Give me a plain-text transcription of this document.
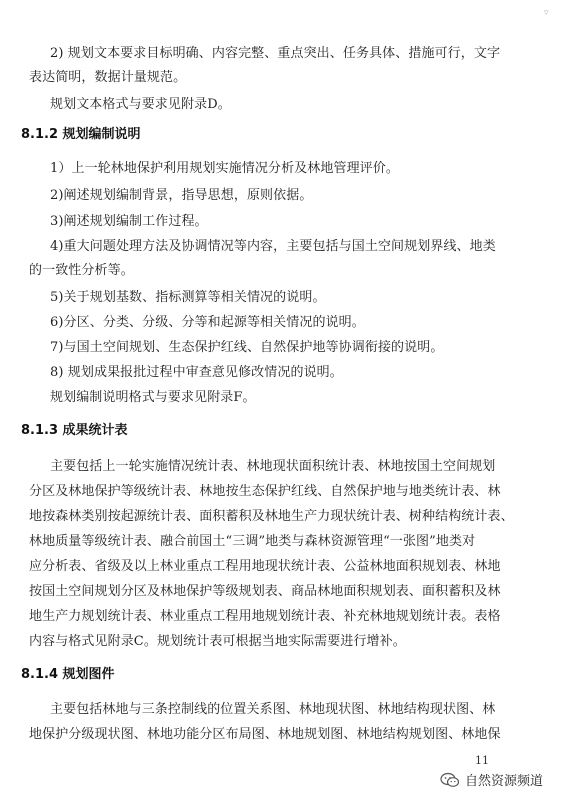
▿
2) 规划文本要求目标明确、内容完整、重点突出、任务具体、措施可行，文字
表达简明，数据计量规范。
规划文本格式与要求见附录D。
8.1.2 规划编制说明
1）上一轮林地保护利用规划实施情况分析及林地管理评价。
2)阐述规划编制背景，指导思想，原则依据。
3)阐述规划编制工作过程。
4)重大问题处理方法及协调情况等内容，主要包括与国土空间规划界线、地类
的一致性分析等。
5)关于规划基数、指标测算等相关情况的说明。
6)分区、分类、分级、分等和起源等相关情况的说明。
7)与国土空间规划、生态保护红线、自然保护地等协调衔接的说明。
8) 规划成果报批过程中审查意见修改情况的说明。
规划编制说明格式与要求见附录F。
8.1.3 成果统计表
主要包括上一轮实施情况统计表、林地现状面积统计表、林地按国土空间规划
分区及林地保护等级统计表、林地按生态保护红线、自然保护地与地类统计表、林
地按森林类别按起源统计表、面积蓄积及林地生产力现状统计表、树种结构统计表、
林地质量等级统计表、融合前国土“三调”地类与森林资源管理“一张图”地类对
应分析表、省级及以上林业重点工程用地现状统计表、公益林地面积规划表、林地
按国土空间规划分区及林地保护等级规划表、商品林地面积规划表、面积蓄积及林
地生产力规划统计表、林业重点工程用地规划统计表、补充林地规划统计表。表格
内容与格式见附录C。规划统计表可根据当地实际需要进行增补。
8.1.4 规划图件
主要包括林地与三条控制线的位置关系图、林地现状图、林地结构现状图、林
地保护分级现状图、林地功能分区布局图、林地规划图、林地结构规划图、林地保
11
自然资源频道
